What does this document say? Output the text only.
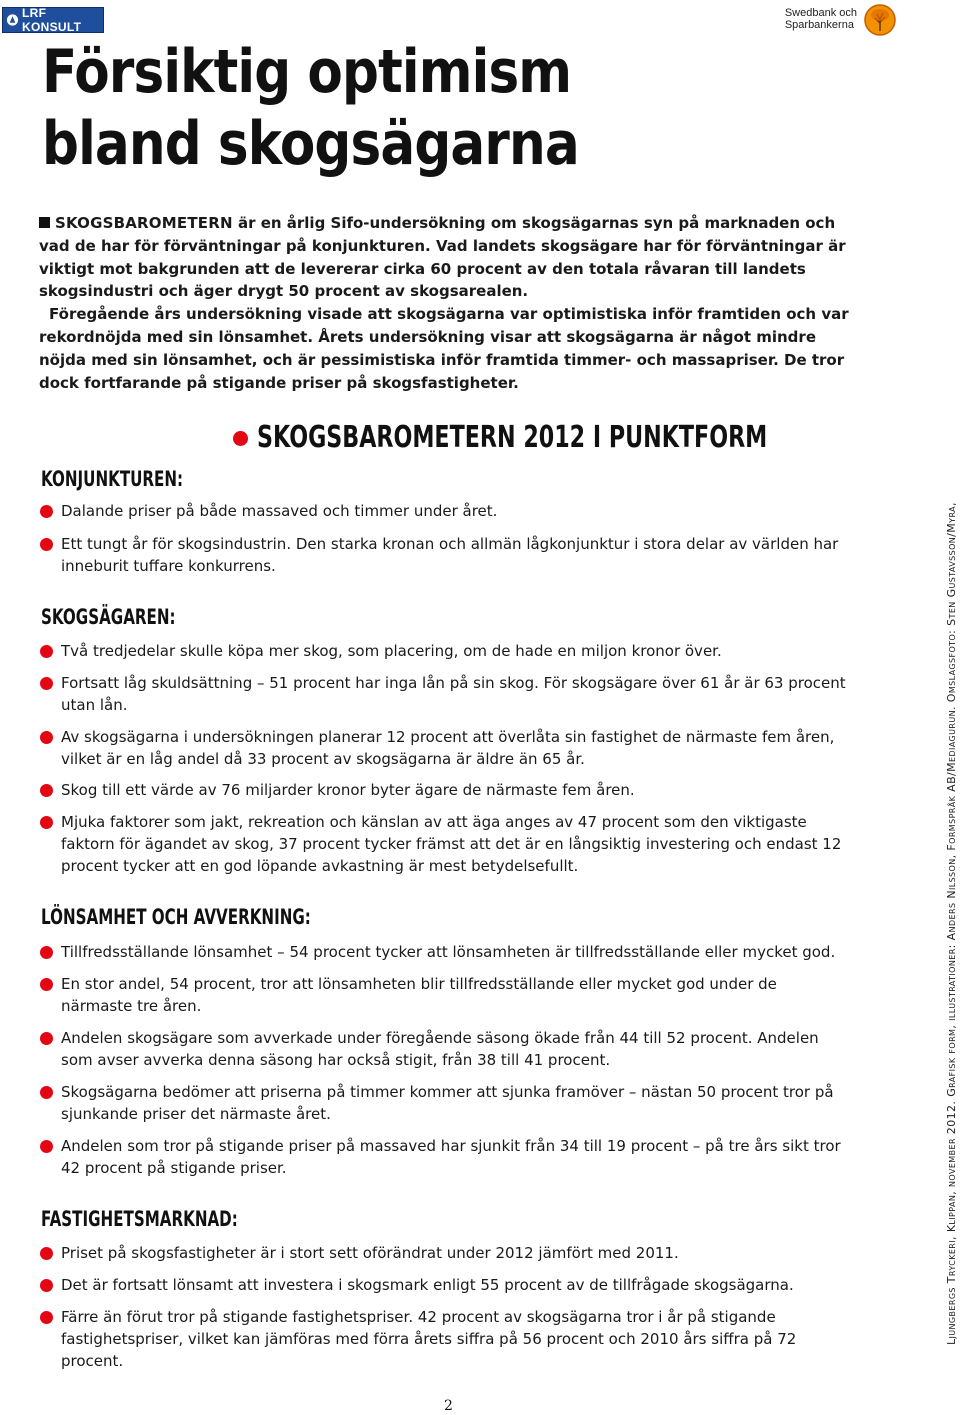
LRF KONSULT
Swedbank och
Sparbankerna
Försiktig optimism
bland skogsägarna

SKOGSBAROMETERN är en årlig Sifo-undersökning om skogsägarnas syn på marknaden och vad de har för förväntningar på konjunkturen. Vad landets skogsägare har för förväntningar är viktigt mot bakgrunden att de levererar cirka 60 procent av den totala råvaran till landets skogsindustri och äger drygt 50 procent av skogsarealen.

Föregående års undersökning visade att skogsägarna var optimistiska inför framtiden och var rekordnöjda med sin lönsamhet. Årets undersökning visar att skogsägarna är något mindre nöjda med sin lönsamhet, och är pessimistiska inför framtida timmer- och massapriser. De tror dock fortfarande på stigande priser på skogsfastigheter.

SKOGSBAROMETERN 2012 I PUNKTFORM
KONJUNKTUREN:
Dalande priser på både massaved och timmer under året.
Ett tungt år för skogsindustrin. Den starka kronan och allmän lågkonjunktur i stora delar av världen har inneburit tuffare konkurrens.
SKOGSÄGAREN:
Två tredjedelar skulle köpa mer skog, som placering, om de hade en miljon kronor över.
Fortsatt låg skuldsättning – 51 procent har inga lån på sin skog. För skogsägare över 61 år är 63 procent utan lån.
Av skogsägarna i undersökningen planerar 12 procent att överlåta sin fastighet de närmaste fem åren, vilket är en låg andel då 33 procent av skogsägarna är äldre än 65 år.
Skog till ett värde av 76 miljarder kronor byter ägare de närmaste fem åren.
Mjuka faktorer som jakt, rekreation och känslan av att äga anges av 47 procent som den viktigaste faktorn för ägandet av skog, 37 procent tycker främst att det är en långsiktig investering och endast 12 procent tycker att en god löpande avkastning är mest betydelsefullt.
LÖNSAMHET OCH AVVERKNING:
Tillfredsställande lönsamhet – 54 procent tycker att lönsamheten är tillfredsställande eller mycket god.
En stor andel, 54 procent, tror att lönsamheten blir tillfredsställande eller mycket god under de närmaste tre åren.
Andelen skogsägare som avverkade under föregående säsong ökade från 44 till 52 procent. Andelen som avser avverka denna säsong har också stigit, från 38 till 41 procent.
Skogsägarna bedömer att priserna på timmer kommer att sjunka framöver – nästan 50 procent tror på sjunkande priser det närmaste året.
Andelen som tror på stigande priser på massaved har sjunkit från 34 till 19 procent – på tre års sikt tror 42 procent på stigande priser.
FASTIGHETSMARKNAD:
Priset på skogsfastigheter är i stort sett oförändrat under 2012 jämfört med 2011.
Det är fortsatt lönsamt att investera i skogsmark enligt 55 procent av de tillfrågade skogsägarna.
Färre än förut tror på stigande fastighetspriser. 42 procent av skogsägarna tror i år på stigande fastighetspriser, vilket kan jämföras med förra årets siffra på 56 procent och 2010 års siffra på 72 procent.
Ljungbergs Tryckeri, Klippan, november 2012. Grafisk form, illustrationer: Anders Nilsson, Formspråk AB/Mediagurun. Omslagsfoto: Sten Gustavsson/Myra,
2
